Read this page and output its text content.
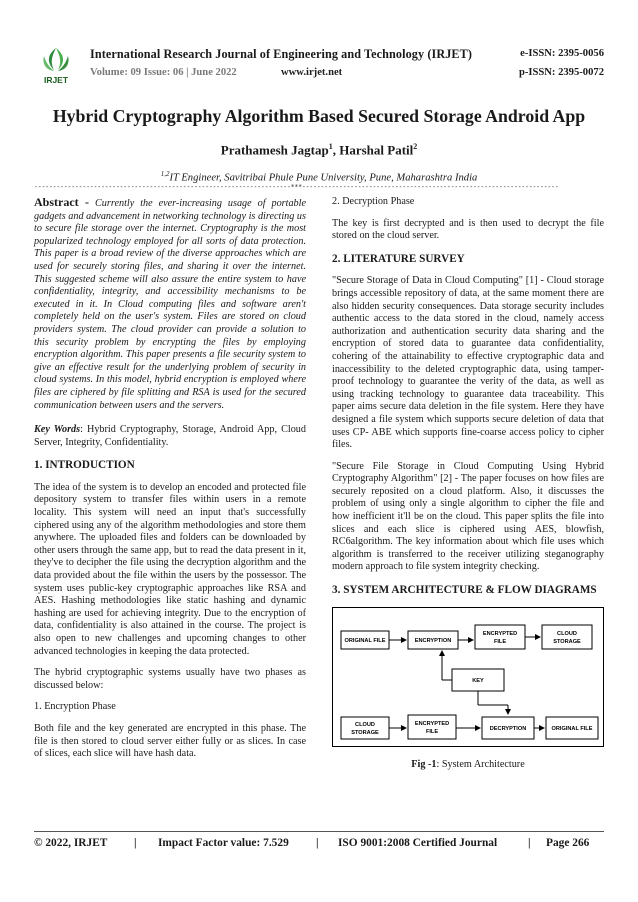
IRJET
International Research Journal of Engineering and Technology (IRJET)
Volume: 09 Issue: 06 | June 2022	www.irjet.net
e-ISSN: 2395-0056
p-ISSN: 2395-0072
Hybrid Cryptography Algorithm Based Secured Storage Android App
Prathamesh Jagtap$^1$, Harshal Patil$^2$
$^{1,2}$IT Engineer, Savitribai Phule Pune University, Pune, Maharashtra India
---------------------------------------------------------------------***---------------------------------------------------------------------

Abstract - Currently the ever-increasing usage of portable gadgets and advancement in networking technology is directing us to secure file storage over the internet. Cryptography is the most popularized technology employed for all sorts of data protection. This paper is a broad review of the diverse approaches which are used for securely storing files, and sharing it over the internet. This suggested scheme will also assure the entire system to have confidentiality, integrity, and accessibility mechanisms to be executed in it. In Cloud computing files and software aren't completely held on the user's system. Files are stored on cloud providers system. The cloud provider can provide a solution to this security problem by encrypting the files by employing encryption algorithm. This paper presents a file security system to give an effective result for the underlying problem of security in cloud systems. In this model, hybrid encryption is employed where files are ciphered by file splitting and RSA is used for the secured communication between users and the servers.

Key Words: Hybrid Cryptography, Storage, Android App, Cloud Server, Integrity, Confidentiality.

1. INTRODUCTION

The idea of the system is to develop an encoded and protected file depository system to transfer files within users in a remote locality. This system will need an input that's successfully ciphered using any of the algorithm methodologies and store them anywhere. The uploaded files and folders can be downloaded by other users through the same app, but to read the data present in it, they've to decipher the file using the decryption algorithm and the data provided about the file within the users by the possessor. The system uses public-key cryptographic approaches like RSA and AES. Hashing methodologies like static hashing and dynamic hashing are used for achieving integrity. Due to the encryption of data, confidentiality is also attained in the course. The project is also open to new challenges and upcoming changes to other advanced technologies in keeping the data protected.

The hybrid cryptographic systems usually have two phases as discussed below:

1. Encryption Phase

Both file and the key generated are encrypted in this phase. The file is then stored to cloud server either fully or as slices. In case of slices, each slice will have hash data.

2. Decryption Phase

The key is first decrypted and is then used to decrypt the file stored on the cloud server.

2. LITERATURE SURVEY

"Secure Storage of Data in Cloud Computing" [1] - Cloud storage brings accessible repository of data, at the same moment there are also hidden security consequences. Data storage security includes authentic access to the data stored in the cloud, namely access authorization and authentication security data sharing and the encryption of stored data to guarantee data confidentiality, cohering of the attainability to effective cryptographic data and inaccessibility to the deleted cryptographic data, using tamper- proof technology to guarantee the verity of the data, as well as using tracking technology to guarantee data traceability. This paper aims secure data deletion in the file system. Here they have designed a file system which supports secure deletion of data that uses CP- ABE which supports fine-coarse access policy to cipher files.

"Secure File Storage in Cloud Computing Using Hybrid Cryptography Algorithm" [2] - The paper focuses on how files are securely reposited on a cloud platform. Also, it discusses the problem of using only a single algorithm to cipher the file and how inefficient it'll be on the cloud. This paper splits the file into slices and each slice is ciphered using AES, blowfish, RC6algorithm. The key information about which file uses which algorithm is transferred to the receiver utilizing steganography modern approach to file system integrity checking.

3. SYSTEM ARCHITECTURE & FLOW DIAGRAMS
ORIGINAL FILE	ENCRYPTION
ENCRYPTED
FILE
CLOUD
STORAGE
KEY
CLOUD
STORAGE
ENCRYPTED
FILE	DECRYPTION	ORIGINAL FILE
Fig -1: System Architecture
© 2022, IRJET | Impact Factor value: 7.529 | ISO 9001:2008 Certified Journal	| Page 266
